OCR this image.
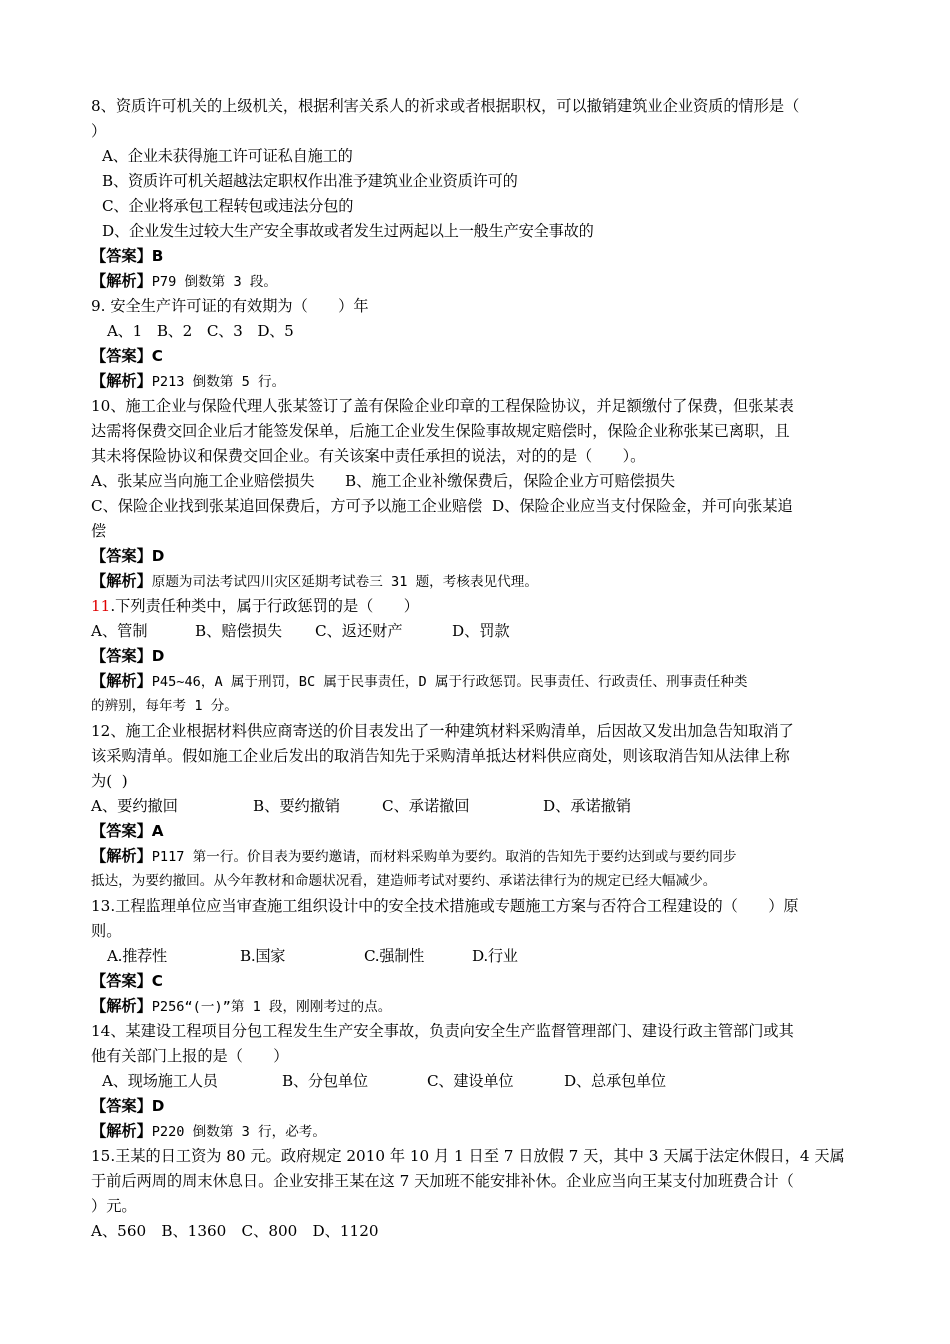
8、资质许可机关的上级机关，根据利害关系人的祈求或者根据职权，可以撤销建筑业企业资质的情形是（
）
A、企业未获得施工许可证私自施工的
B、资质许可机关超越法定职权作出准予建筑业企业资质许可的
C、企业将承包工程转包或违法分包的
D、企业发生过较大生产安全事故或者发生过两起以上一般生产安全事故的
【答案】B
【解析】P79 倒数第 3 段。
9. 安全生产许可证的有效期为（　　）年
A、1　B、2　C、3　D、5
【答案】C
【解析】P213 倒数第 5 行。
10、施工企业与保险代理人张某签订了盖有保险企业印章的工程保险协议，并足额缴付了保费，但张某表
达需将保费交回企业后才能签发保单，后施工企业发生保险事故规定赔偿时，保险企业称张某已离职，且
其未将保险协议和保费交回企业。有关该案中责任承担的说法，对的的是（　　）。
A、张某应当向施工企业赔偿损失　　B、施工企业补缴保费后，保险企业方可赔偿损失
C、保险企业找到张某追回保费后，方可予以施工企业赔偿  D、保险企业应当支付保险金，并可向张某追
偿
【答案】D
【解析】原题为司法考试四川灾区延期考试卷三 31 题，考核表见代理。
11.下列责任种类中，属于行政惩罚的是（　　）
A、管制	B、赔偿损失 C、返还财产	D、罚款
【答案】D
【解析】P45~46，A 属于刑罚，BC 属于民事责任，D 属于行政惩罚。民事责任、行政责任、刑事责任种类
的辨别，每年考 1 分。
12、施工企业根据材料供应商寄送的价目表发出了一种建筑材料采购清单，后因故又发出加急告知取消了
该采购清单。假如施工企业后发出的取消告知先于采购清单抵达材料供应商处，则该取消告知从法律上称
为(  )
A、要约撤回	B、要约撤销	C、承诺撤回	D、承诺撤销
【答案】A
【解析】P117 第一行。价目表为要约邀请，而材料采购单为要约。取消的告知先于要约达到或与要约同步
抵达，为要约撤回。从今年教材和命题状况看，建造师考试对要约、承诺法律行为的规定已经大幅减少。
13.工程监理单位应当审查施工组织设计中的安全技术措施或专题施工方案与否符合工程建设的（　　）原
则。
A.推荐性	B.国家	C.强制性	D.行业
【答案】C
【解析】P256“(一)”第 1 段，刚刚考过的点。
14、某建设工程项目分包工程发生生产安全事故，负责向安全生产监督管理部门、建设行政主管部门或其
他有关部门上报的是（　　）
A、现场施工人员	B、分包单位	C、建设单位	D、总承包单位
【答案】D
【解析】P220 倒数第 3 行，必考。
15.王某的日工资为 80 元。政府规定 2010 年 10 月 1 日至 7 日放假 7 天，其中 3 天属于法定休假日，4 天属
于前后两周的周末休息日。企业安排王某在这 7 天加班不能安排补休。企业应当向王某支付加班费合计（
）元。
A、560　B、1360　C、800　D、1120
